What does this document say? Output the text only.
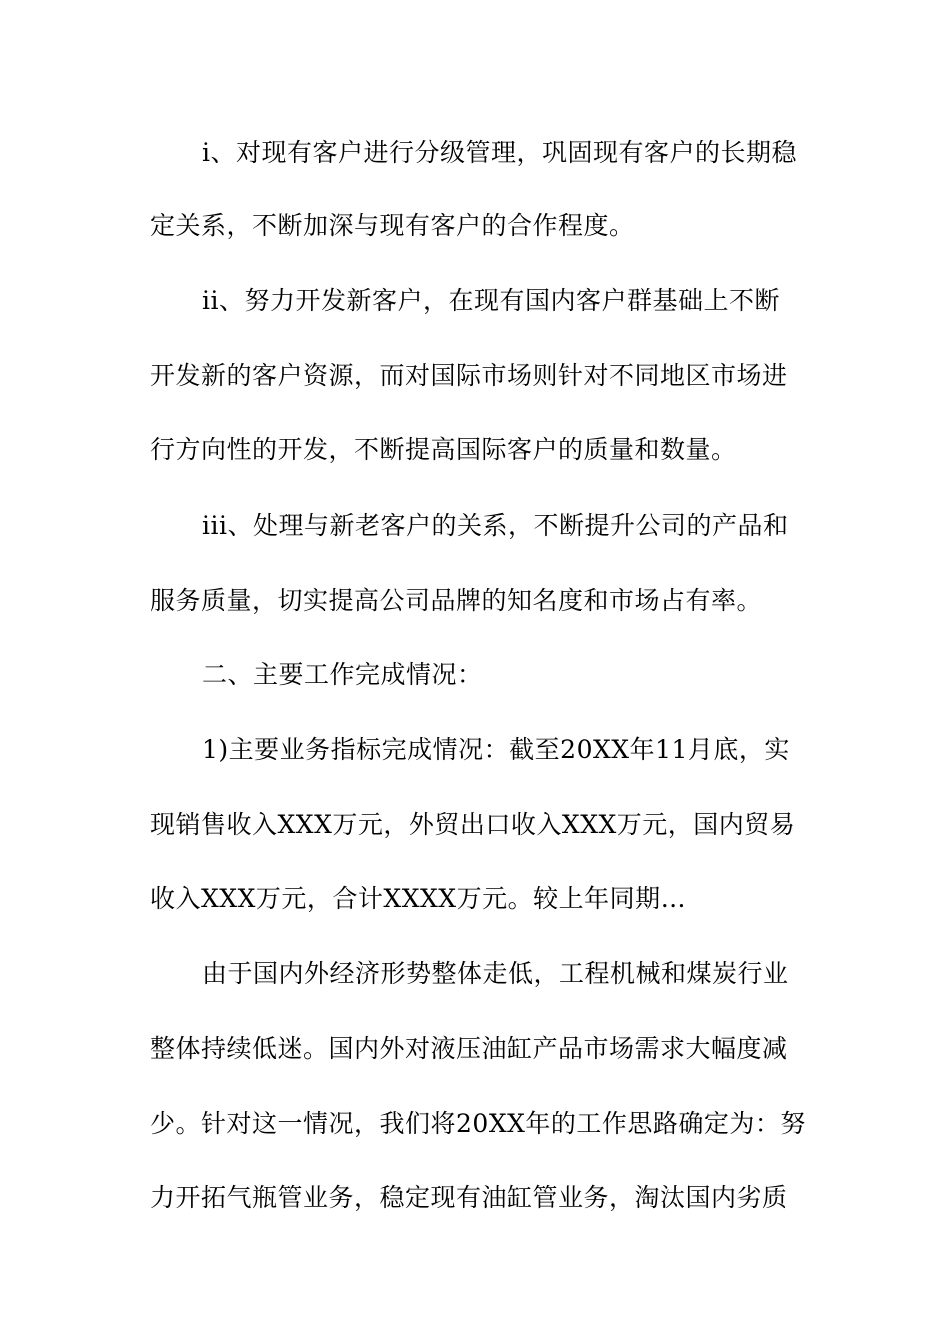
i、对现有客户进行分级管理，巩固现有客户的长期稳
定关系，不断加深与现有客户的合作程度。
ii、努力开发新客户，在现有国内客户群基础上不断
开发新的客户资源，而对国际市场则针对不同地区市场进
行方向性的开发，不断提高国际客户的质量和数量。
iii、处理与新老客户的关系，不断提升公司的产品和
服务质量，切实提高公司品牌的知名度和市场占有率。
二、主要工作完成情况：
1)主要业务指标完成情况：截至20XX年11月底，实
现销售收入XXX万元，外贸出口收入XXX万元，国内贸易
收入XXX万元，合计XXXX万元。较上年同期…
由于国内外经济形势整体走低，工程机械和煤炭行业
整体持续低迷。国内外对液压油缸产品市场需求大幅度减
少。针对这一情况，我们将20XX年的工作思路确定为：努
力开拓气瓶管业务，稳定现有油缸管业务，淘汰国内劣质
